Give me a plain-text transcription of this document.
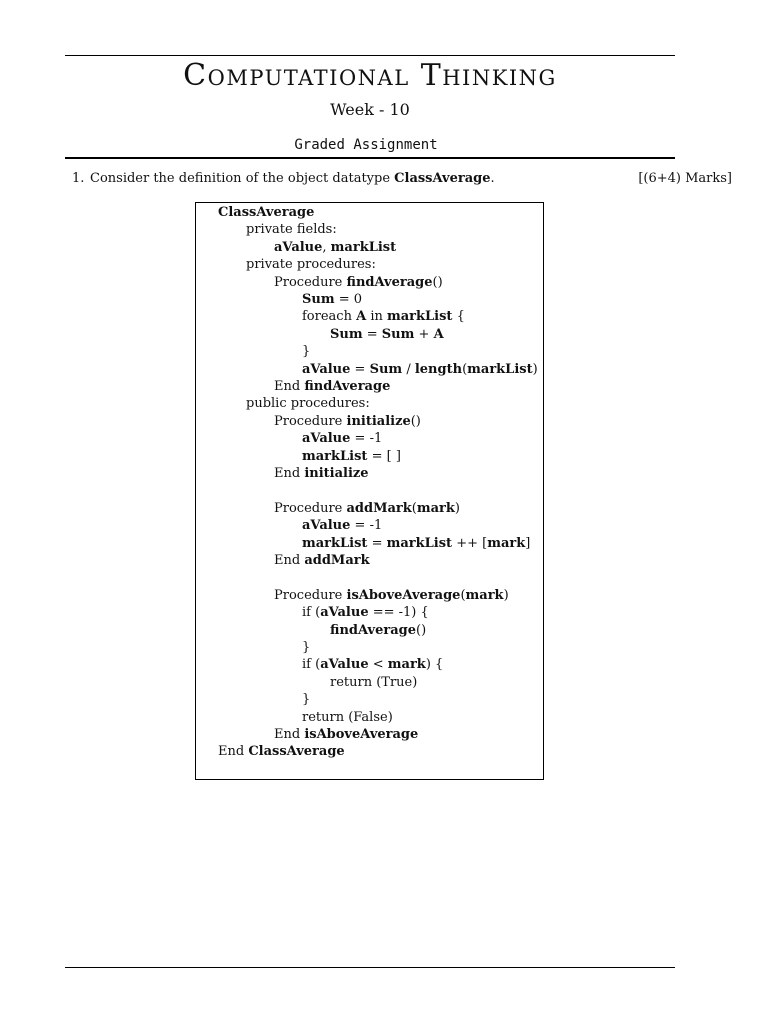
Computational Thinking
Week - 10
Graded Assignment
1. Consider the definition of the object datatype ClassAverage.	[(6+4) Marks]
ClassAverage
private fields:
aValue, markList
private procedures:
Procedure findAverage()
Sum = 0
foreach A in markList {
Sum = Sum + A
}
aValue = Sum / length(markList)
End findAverage
public procedures:
Procedure initialize()
aValue = -1
markList = [ ]
End initialize
Procedure addMark(mark)
aValue = -1
markList = markList ++ [mark]
End addMark
Procedure isAboveAverage(mark)
if (aValue == -1) {
findAverage()
}
if (aValue < mark) {
return (True)
}
return (False)
End isAboveAverage
End ClassAverage
